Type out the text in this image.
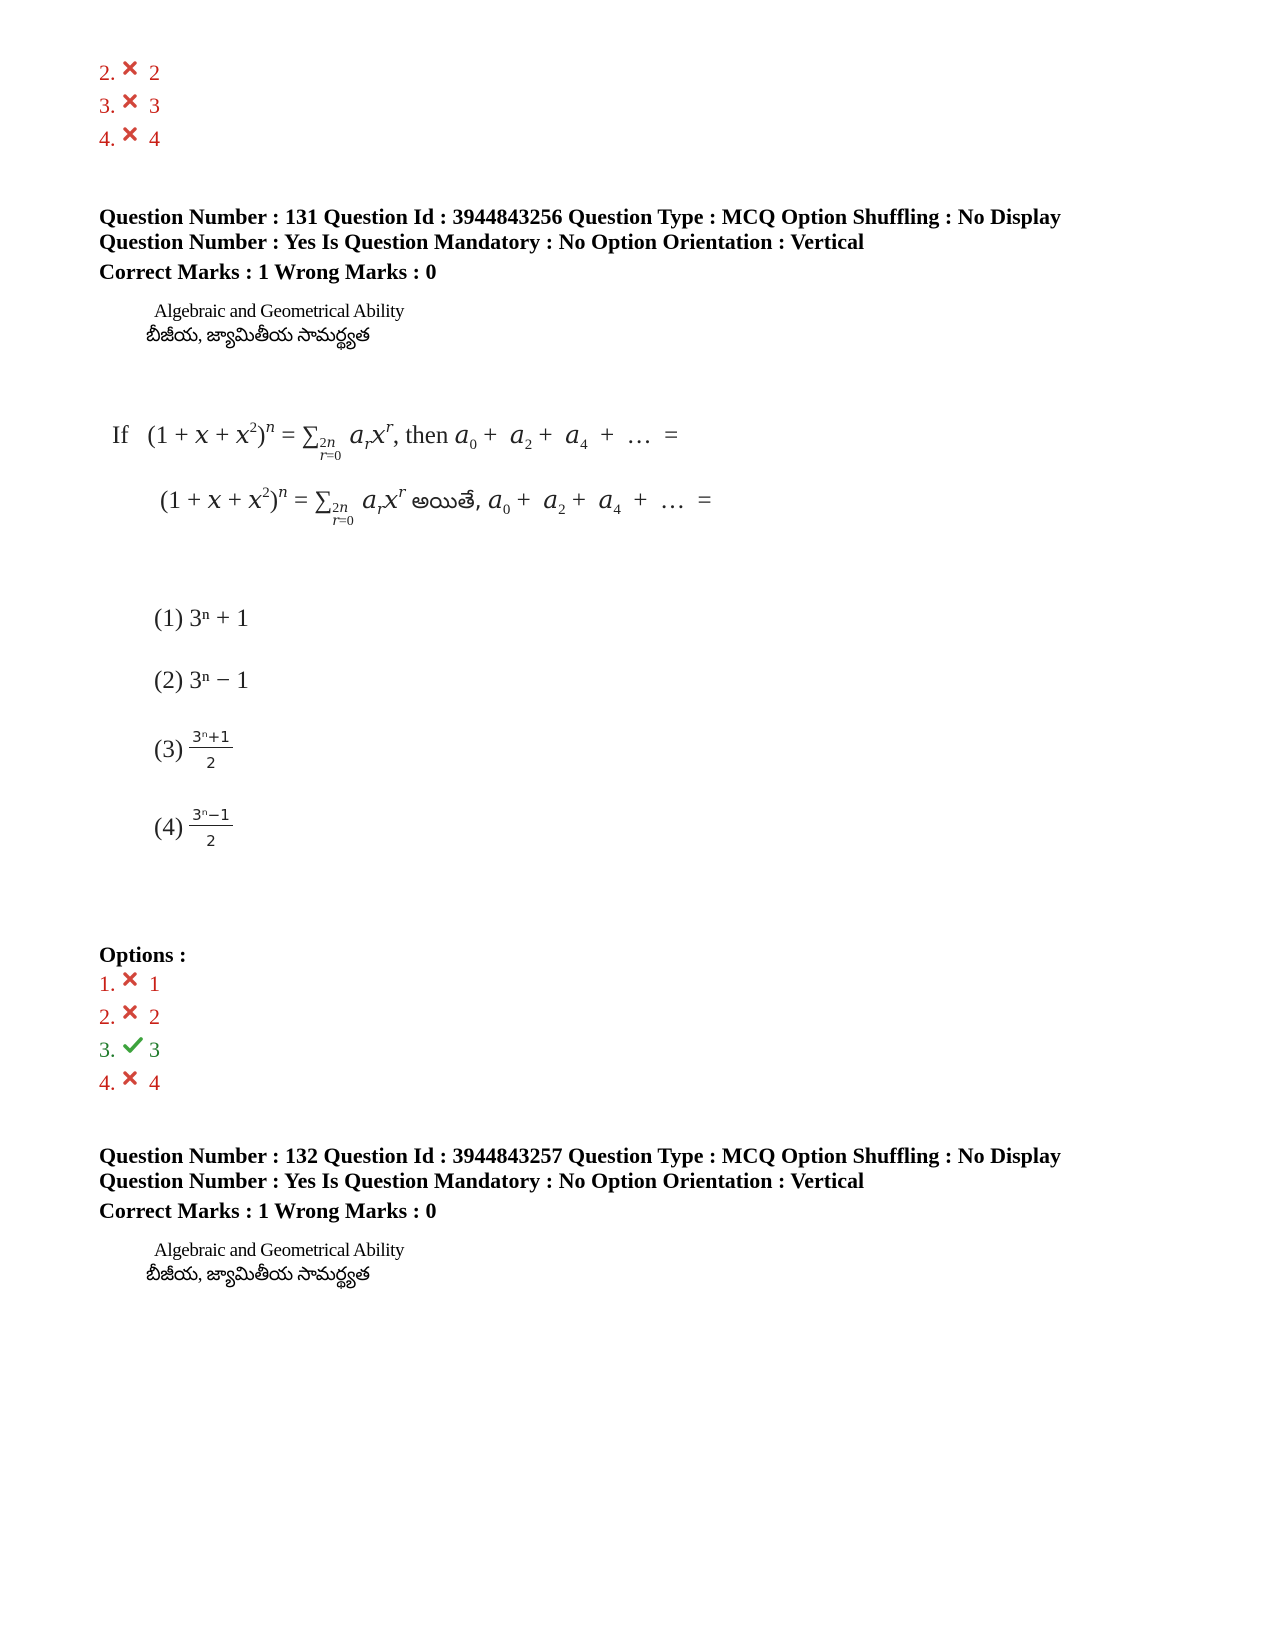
2.	2
3.	3
4.	4
Question Number : 131 Question Id : 3944843256 Question Type : MCQ Option Shuffling : No Display
Question Number : Yes Is Question Mandatory : No Option Orientation : Vertical
Correct Marks : 1 Wrong Marks : 0
Algebraic and Geometrical Ability
బీజీయ, జ్యామితీయ సామర్థ్యత
If   $(1 + x + x^2)^n$ = ∑ 2n
r=0
$a_rx^r$, then $a_0 + a_2 + a_4$  +  …  =
$(1 + x + x^2)^n$ = ∑ 2n
r=0
$a_rx^r$ అయితే, $a_0 + a_2 + a_4$  +  …  =
(1)
3ⁿ + 1
(2)
3ⁿ − 1
$(3) \frac{\text{3ⁿ+1}}{2}$
$(4) \frac{\text{3ⁿ−1}}{2}$
Options :
1.	1
2.	2
3.	3
4.	4
Question Number : 132 Question Id : 3944843257 Question Type : MCQ Option Shuffling : No Display
Question Number : Yes Is Question Mandatory : No Option Orientation : Vertical
Correct Marks : 1 Wrong Marks : 0
Algebraic and Geometrical Ability
బీజీయ, జ్యామితీయ సామర్థ్యత
